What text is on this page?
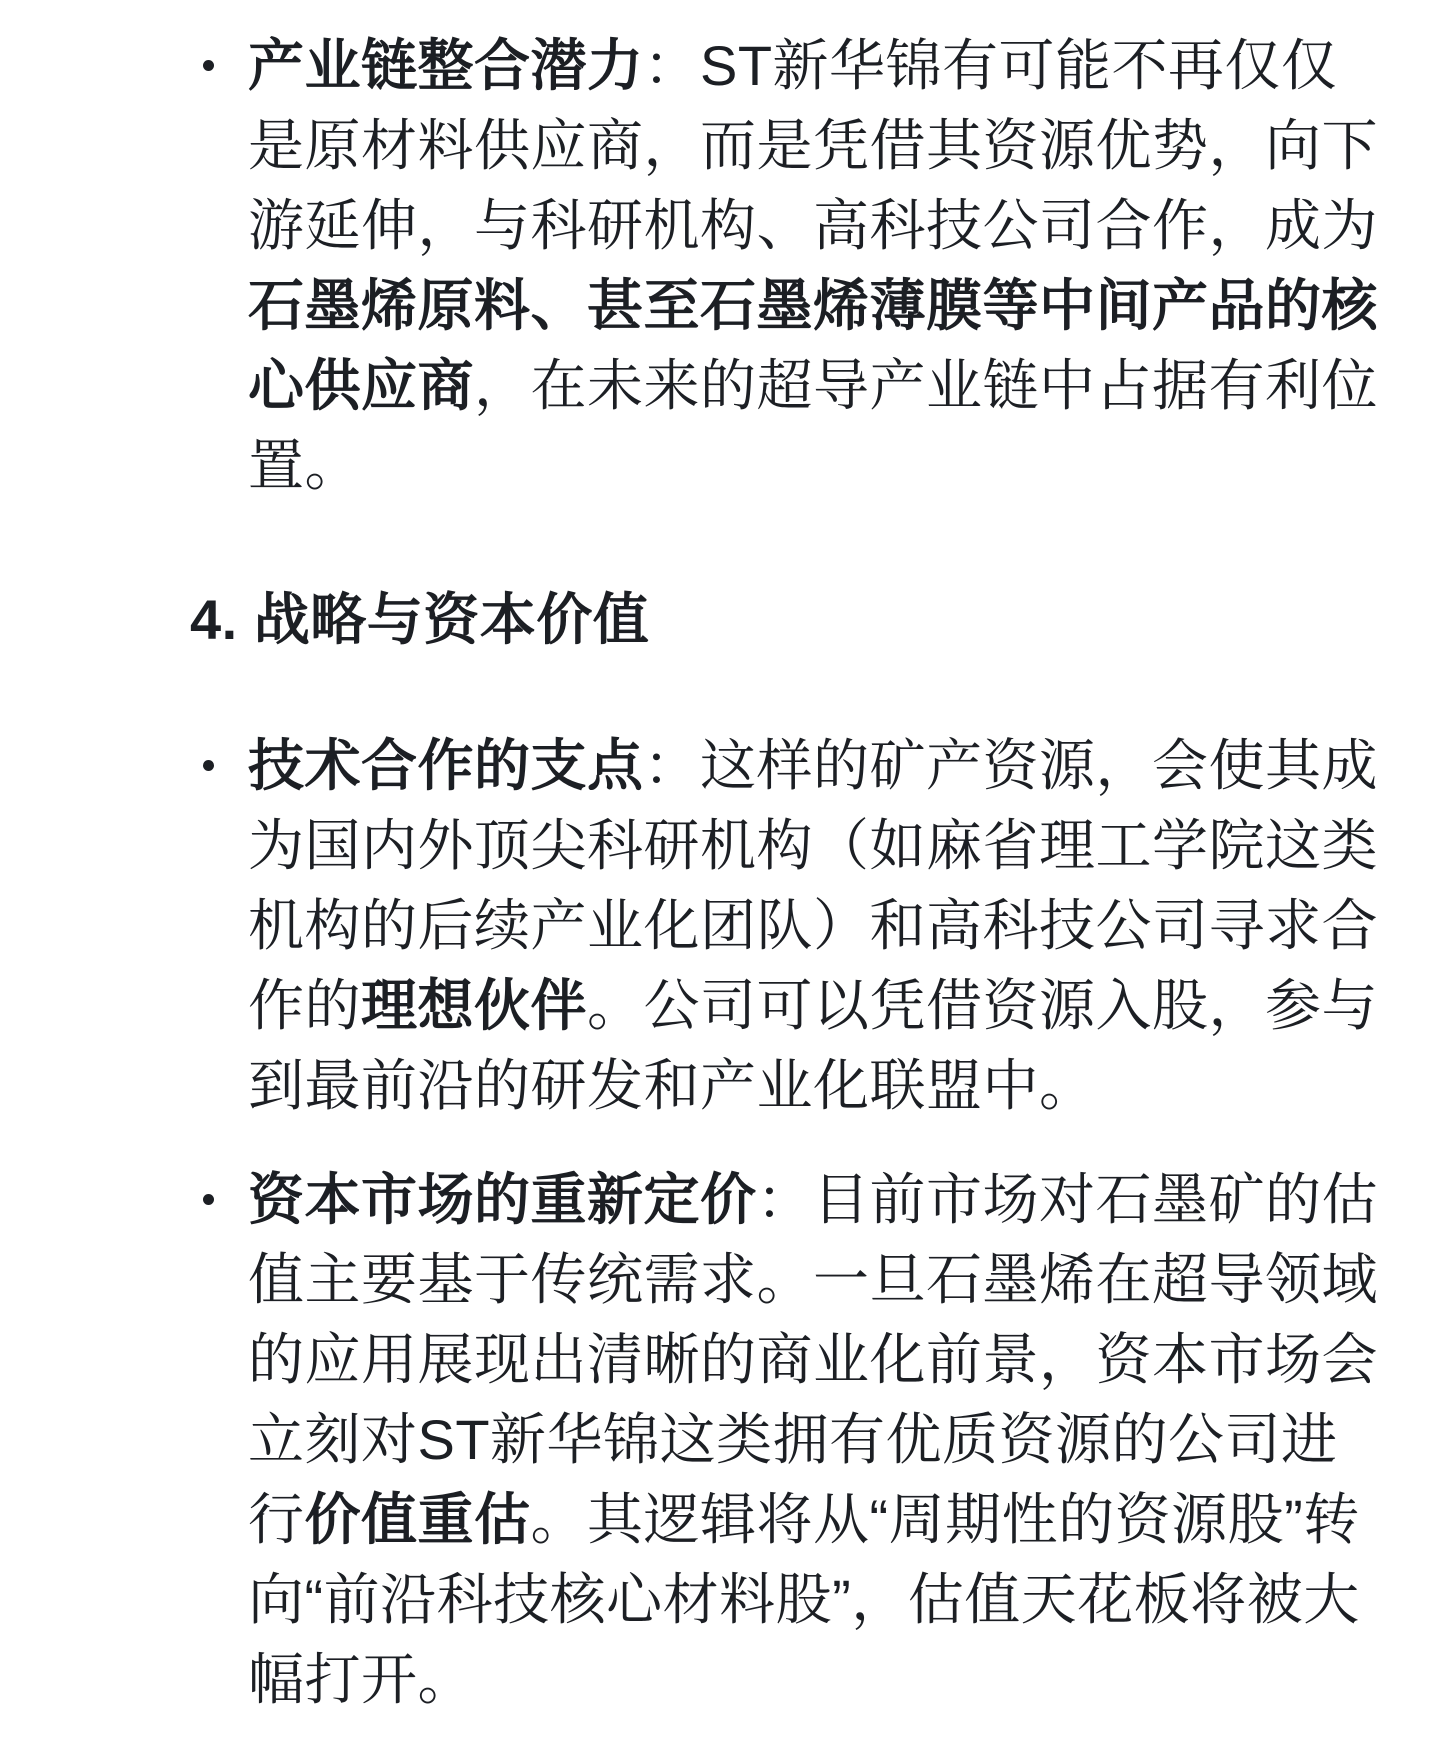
产业链整合潜力：ST新华锦有可能不再仅仅是原材料供应商，而是凭借其资源优势，向下游延伸，与科研机构、高科技公司合作，成为石墨烯原料、甚至石墨烯薄膜等中间产品的核心供应商，在未来的超导产业链中占据有利位置。
4. 战略与资本价值
技术合作的支点：这样的矿产资源，会使其成为国内外顶尖科研机构（如麻省理工学院这类机构的后续产业化团队）和高科技公司寻求合作的理想伙伴。公司可以凭借资源入股，参与到最前沿的研发和产业化联盟中。
资本市场的重新定价：目前市场对石墨矿的估值主要基于传统需求。一旦石墨烯在超导领域的应用展现出清晰的商业化前景，资本市场会立刻对ST新华锦这类拥有优质资源的公司进行价值重估。其逻辑将从“周期性的资源股”转向“前沿科技核心材料股”，估值天花板将被大幅打开。
